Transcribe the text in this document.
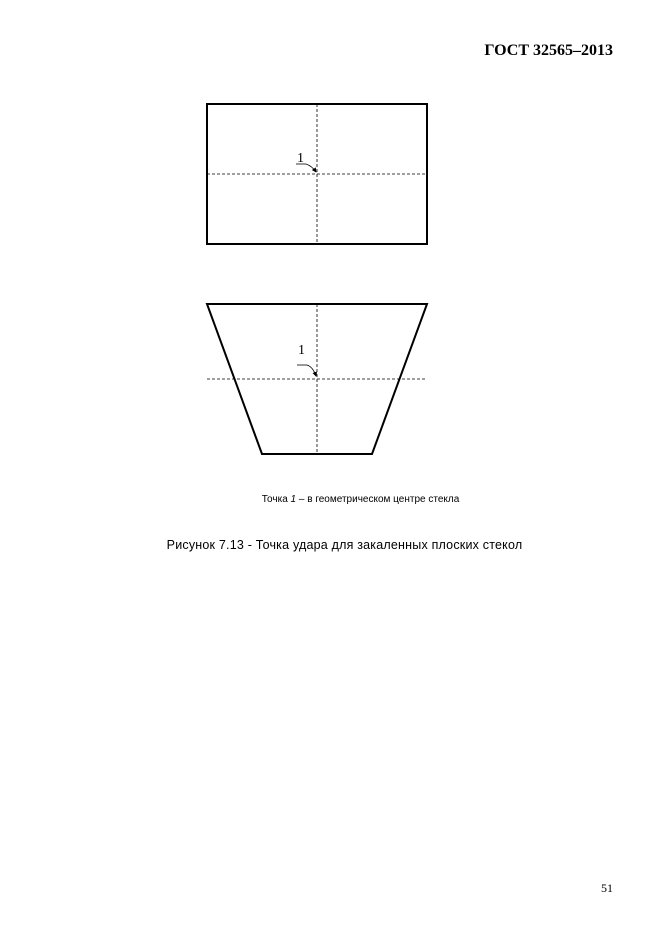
ГОСТ 32565–2013
1
1
Точка 1 – в геометрическом центре стекла
Рисунок 7.13 - Точка удара для закаленных плоских стекол
51
